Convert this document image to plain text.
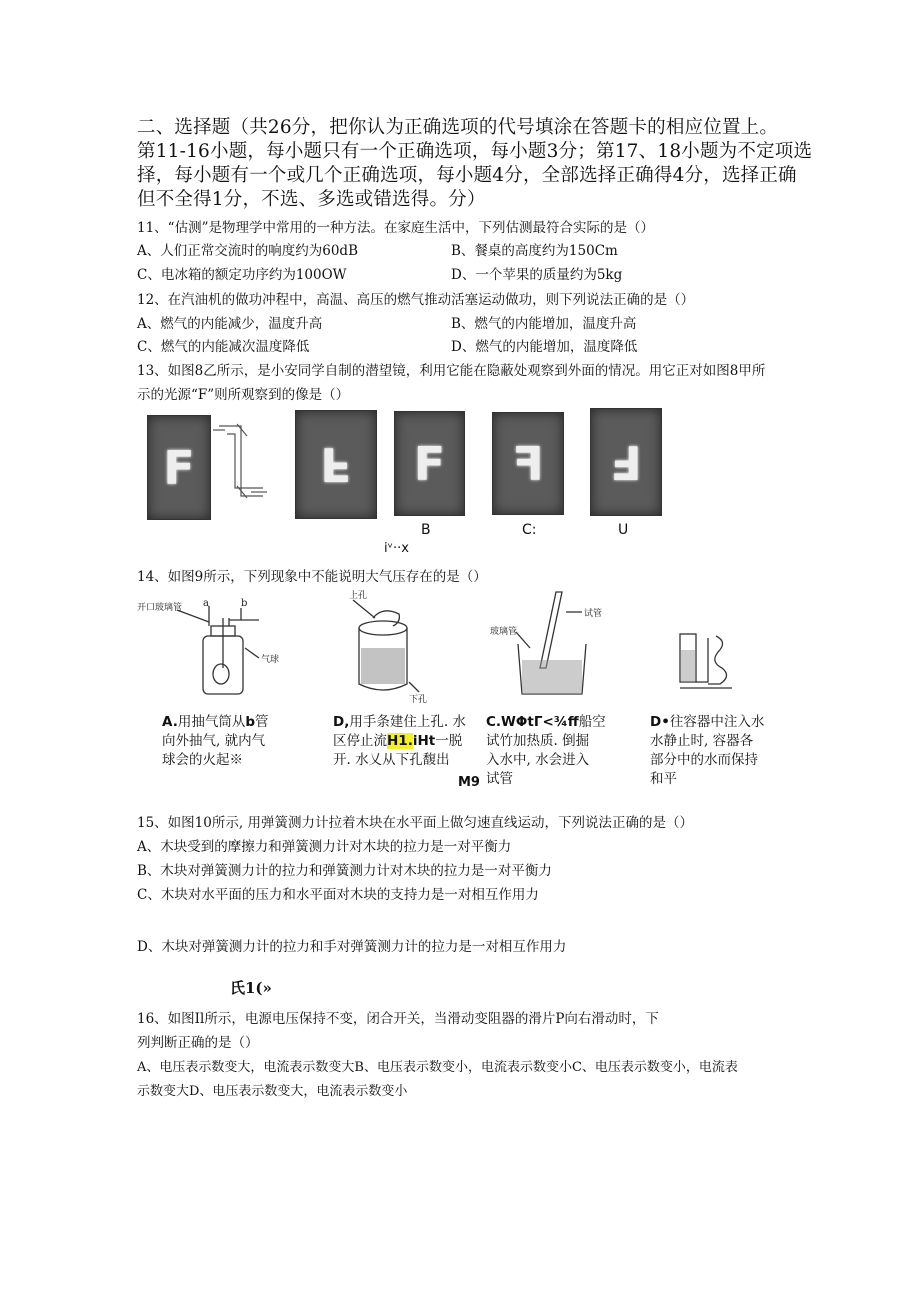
二、选择题（共26分，把你认为正确选项的代号填涂在答题卡的相应位置上。
第11-16小题，每小题只有一个正确选项，每小题3分；第17、18小题为不定项选
择，每小题有一个或几个正确选项，每小题4分，全部选择正确得4分，选择正确
但不全得1分，不选、多选或错选得。分）
11、“估测”是物理学中常用的一种方法。在家庭生活中，下列估测最符合实际的是（）
A、人们正常交流时的响度约为60dB	B、餐桌的高度约为150Cm
C、电冰箱的额定功序约为100OW	D、一个苹果的质量约为5kg
12、在汽油机的做功冲程中，高温、高压的燃气推动活塞运动做功，则下列说法正确的是（）
A、燃气的内能减少，温度升高	B、燃气的内能增加，温度升高
C、燃气的内能减次温度降低	D、燃气的内能增加，温度降低
13、如图8乙所示，是小安同学自制的潜望镜，利用它能在隐蔽处观察到外面的情况。用它正对如图8甲所
示的光源“F”则所观察到的像是（）
F	F	F	F	F
B	C:	U
iᵛ··x
14、如图9所示，下列现象中不能说明大气压存在的是（）
开口玻璃管 a	b
气球
上孔
下孔
试管
玻璃管
A.用抽气筒从b管
向外抽气, 就内气
球会的火起※
D,用手条建住上孔. 水
区停止流H1.iHt一脱
开. 水乂从下孔馥出
C.WΦtΓ<¾ff船空
试竹加热质. 倒掘
入水中, 水会进入
试管
M9
D•往容器中注入水
水静止时, 容器各
部分中的水而保持
和平
15、如图10所示, 用弹簧测力计拉着木块在水平面上做匀速直线运动，下列说法正确的是（）
A、木块受到的摩擦力和弹簧测力计对木块的拉力是一对平衡力
B、木块对弹簧测力计的拉力和弹簧测力计对木块的拉力是一对平衡力
C、木块对水平面的压力和水平面对木块的支持力是一对相互作用力
D、木块对弹簧测力计的拉力和手对弹簧测力计的拉力是一对相互作用力
氏1(»
16、如图Il所示，电源电压保持不变，闭合开关，当滑动变阻器的滑片P向右滑动时，下
列判断正确的是（）
A、电压表示数变大，电流表示数变大B、电压表示数变小，电流表示数变小C、电压表示数变小，电流表
示数变大D、电压表示数变大，电流表示数变小
